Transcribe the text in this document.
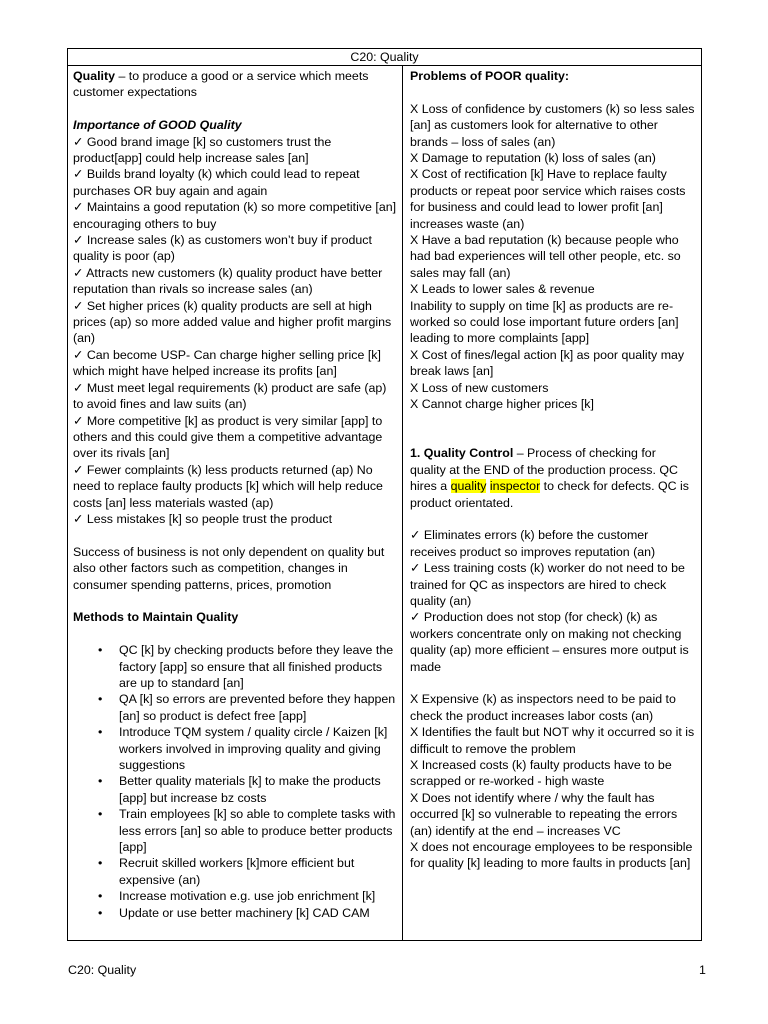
C20: Quality

Quality – to produce a good or a service which meets customer expectations

Importance of GOOD Quality

✓ Good brand image [k] so customers trust the product[app] could help increase sales [an]

✓ Builds brand loyalty (k) which could lead to repeat purchases OR buy again and again

✓ Maintains a good reputation (k) so more competitive [an] encouraging others to buy

✓ Increase sales (k) as customers won’t buy if product quality is poor (ap)

✓ Attracts new customers (k) quality product have better reputation than rivals so increase sales (an)

✓ Set higher prices (k) quality products are sell at high prices (ap) so more added value and higher profit margins (an)

✓ Can become USP- Can charge higher selling price [k] which might have helped increase its profits [an]

✓ Must meet legal requirements (k) product are safe (ap) to avoid fines and law suits (an)

✓ More competitive [k] as product is very similar [app] to others and this could give them a competitive advantage over its rivals [an]

✓ Fewer complaints (k) less products returned (ap) No need to replace faulty products [k] which will help reduce costs [an] less materials wasted (ap)

✓ Less mistakes [k] so people trust the product

Success of business is not only dependent on quality but also other factors such as competition, changes in consumer spending patterns, prices, promotion

Methods to Maintain Quality

• QC [k] by checking products before they leave the factory [app] so ensure that all finished products are up to standard [an]
• QA [k] so errors are prevented before they happen [an] so product is defect free [app]
• Introduce TQM system / quality circle / Kaizen [k] workers involved in improving quality and giving suggestions
• Better quality materials [k] to make the products [app] but increase bz costs
• Train employees [k] so able to complete tasks with less errors [an] so able to produce better products [app]
• Recruit skilled workers [k]more efficient but expensive (an)
• Increase motivation e.g. use job enrichment [k]
• Update or use better machinery [k] CAD CAM

Problems of POOR quality:

X Loss of confidence by customers (k) so less sales [an] as customers look for alternative to other brands – loss of sales (an)

X Damage to reputation (k) loss of sales (an)

X Cost of rectification [k] Have to replace faulty products or repeat poor service which raises costs for business and could lead to lower profit [an] increases waste (an)

X Have a bad reputation (k) because people who had bad experiences will tell other people, etc. so sales may fall (an)

X Leads to lower sales & revenue

Inability to supply on time [k] as products are re-worked so could lose important future orders [an] leading to more complaints [app]

X Cost of fines/legal action [k] as poor quality may break laws [an]

X Loss of new customers

X Cannot charge higher prices [k]

1. Quality Control – Process of checking for quality at the END of the production process. QC hires a quality inspector to check for defects. QC is product orientated.

✓ Eliminates errors (k) before the customer receives product so improves reputation (an)

✓ Less training costs (k) worker do not need to be trained for QC as inspectors are hired to check quality (an)

✓ Production does not stop (for check) (k) as workers concentrate only on making not checking quality (ap) more efficient – ensures more output is made

X Expensive (k) as inspectors need to be paid to check the product increases labor costs (an)

X Identifies the fault but NOT why it occurred so it is difficult to remove the problem

X Increased costs (k) faulty products have to be scrapped or re-worked - high waste

X Does not identify where / why the fault has occurred [k] so vulnerable to repeating the errors (an) identify at the end – increases VC

X does not encourage employees to be responsible for quality [k] leading to more faults in products [an]

C20: Quality	1
